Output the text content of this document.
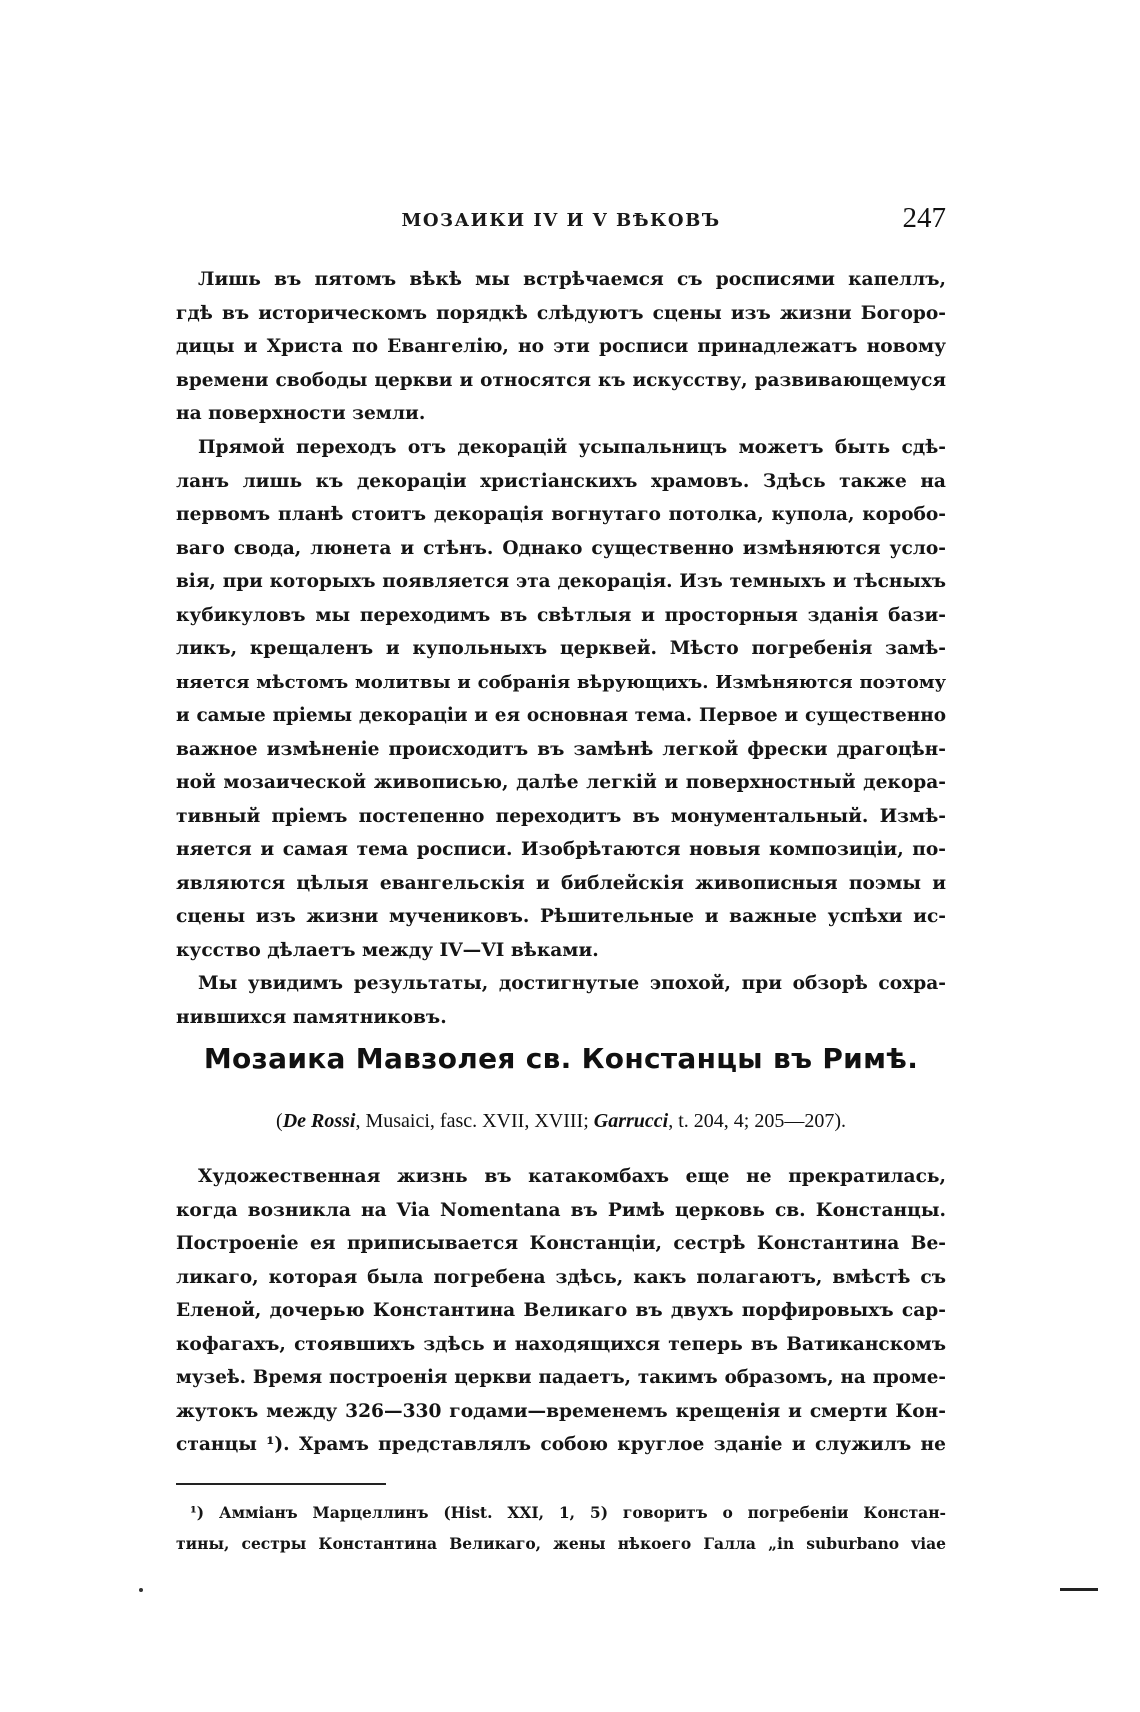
МОЗАИКИ IV И V ВѢКОВЪ	247
Лишь въ пятомъ вѣкѣ мы встрѣчаемся съ росписями капеллъ,
гдѣ въ историческомъ порядкѣ слѣдуютъ сцены изъ жизни Богоро-
дицы и Христа по Евангелію, но эти росписи принадлежатъ новому
времени свободы церкви и относятся къ искусству, развивающемуся
на поверхности земли.
Прямой переходъ отъ декорацій усыпальницъ можетъ быть сдѣ-
ланъ лишь къ декораціи христіанскихъ храмовъ. Здѣсь также на
первомъ планѣ стоитъ декорація вогнутаго потолка, купола, коробо-
ваго свода, люнета и стѣнъ. Однако существенно измѣняются усло-
вія, при которыхъ появляется эта декорація. Изъ темныхъ и тѣсныхъ
кубикуловъ мы переходимъ въ свѣтлыя и просторныя зданія бази-
ликъ, крещаленъ и купольныхъ церквей. Мѣсто погребенія замѣ-
няется мѣстомъ молитвы и собранія вѣрующихъ. Измѣняются поэтому
и самые пріемы декораціи и ея основная тема. Первое и существенно
важное измѣненіе происходитъ въ замѣнѣ легкой фрески драгоцѣн-
ной мозаической живописью, далѣе легкій и поверхностный декора-
тивный пріемъ постепенно переходитъ въ монументальный. Измѣ-
няется и самая тема росписи. Изобрѣтаются новыя композиціи, по-
являются цѣлыя евангельскія и библейскія живописныя поэмы и
сцены изъ жизни мучениковъ. Рѣшительные и важные успѣхи ис-
кусство дѣлаетъ между IV—VI вѣками.
Мы увидимъ результаты, достигнутые эпохой, при обзорѣ сохра-
нившихся памятниковъ.
Мозаика Мавзолея св. Констанцы въ Римѣ.
(De Rossi, Musaici, fasc. XVII, XVIII; Garrucci, t. 204, 4; 205—207).
Художественная жизнь въ катакомбахъ еще не прекратилась,
когда возникла на Via Nomentana въ Римѣ церковь св. Констанцы.
Построеніе ея приписывается Констанціи, сестрѣ Константина Ве-
ликаго, которая была погребена здѣсь, какъ полагаютъ, вмѣстѣ съ
Еленой, дочерью Константина Великаго въ двухъ порфировыхъ сар-
кофагахъ, стоявшихъ здѣсь и находящихся теперь въ Ватиканскомъ
музеѣ. Время построенія церкви падаетъ, такимъ образомъ, на проме-
жутокъ между 326—330 годами—временемъ крещенія и смерти Кон-
станцы ¹). Храмъ представлялъ собою круглое зданіе и служилъ не
¹) Амміанъ Марцеллинъ (Hist. XXI, 1, 5) говоритъ о погребеніи Констан-
тины, сестры Константина Великаго, жены нѣкоего Галла „in suburbano viae
